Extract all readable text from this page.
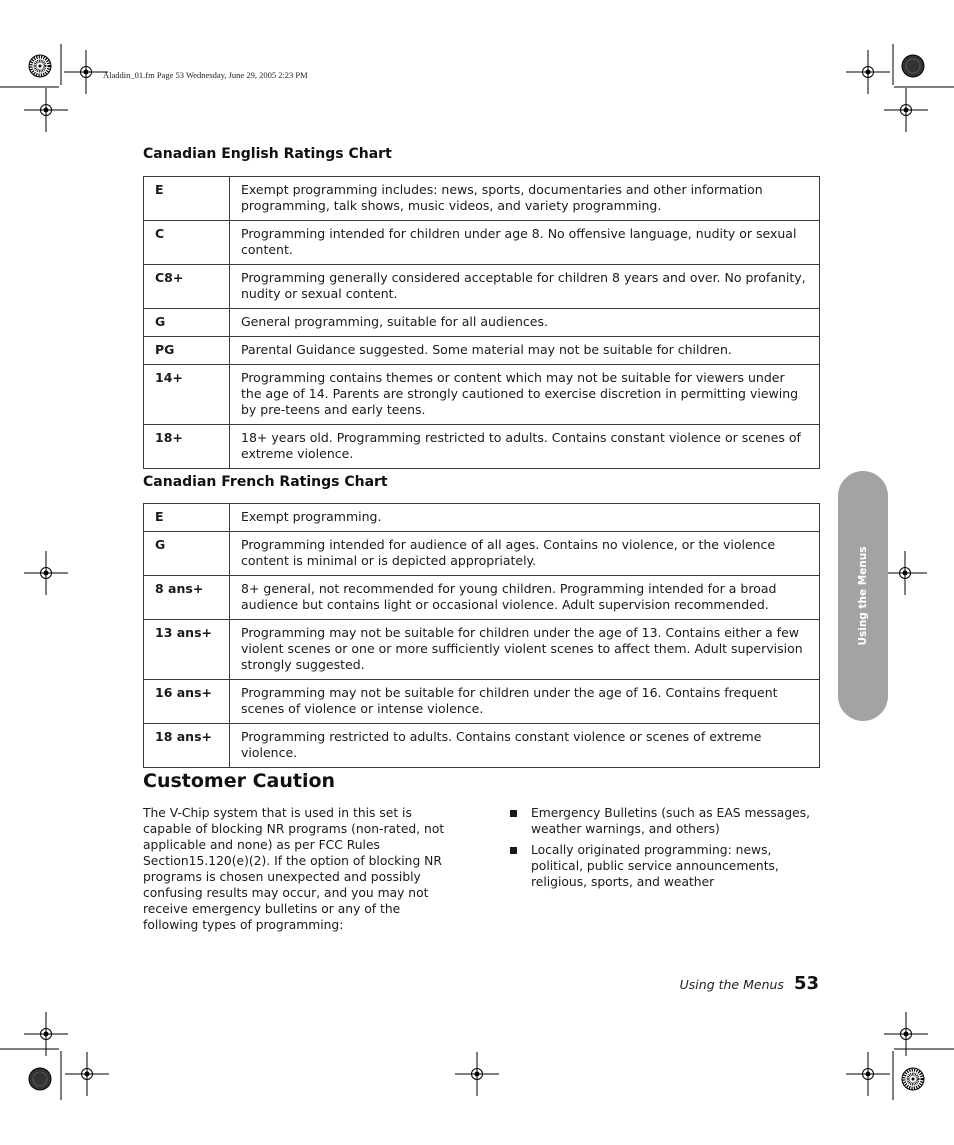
Aladdin_01.fm Page 53 Wednesday, June 29, 2005 2:23 PM
Canadian English Ratings Chart
E	Exempt programming includes: news, sports, documentaries and other information programming, talk shows, music videos, and variety programming.
C	Programming intended for children under age 8. No offensive language, nudity or sexual content.
C8+	Programming generally considered acceptable for children 8 years and over. No profanity, nudity or sexual content.
G	General programming, suitable for all audiences.
PG	Parental Guidance suggested. Some material may not be suitable for children.
14+	Programming contains themes or content which may not be suitable for viewers under the age of 14. Parents are strongly cautioned to exercise discretion in permitting viewing by pre-teens and early teens.
18+	18+ years old. Programming restricted to adults. Contains constant violence or scenes of extreme violence.
Canadian French Ratings Chart
E	Exempt programming.
G	Programming intended for audience of all ages. Contains no violence, or the violence content is minimal or is depicted appropriately.
8 ans+	8+ general, not recommended for young children. Programming intended for a broad audience but contains light or occasional violence. Adult supervision recommended.
13 ans+	Programming may not be suitable for children under the age of 13. Contains either a few violent scenes or one or more sufficiently violent scenes to affect them. Adult supervision strongly suggested.
16 ans+	Programming may not be suitable for children under the age of 16. Contains frequent scenes of violence or intense violence.
18 ans+	Programming restricted to adults. Contains constant violence or scenes of extreme violence.
Customer Caution
The V-Chip system that is used in this set is capable of blocking NR programs (non-rated, not applicable and none) as per FCC Rules Section15.120(e)(2). If the option of blocking NR programs is chosen unexpected and possibly confusing results may occur, and you may not receive emergency bulletins or any of the following types of programming:
Emergency Bulletins (such as EAS messages, weather warnings, and others)
Locally originated programming: news, political, public service announcements, religious, sports, and weather
Using the Menus
Using the Menus 53
